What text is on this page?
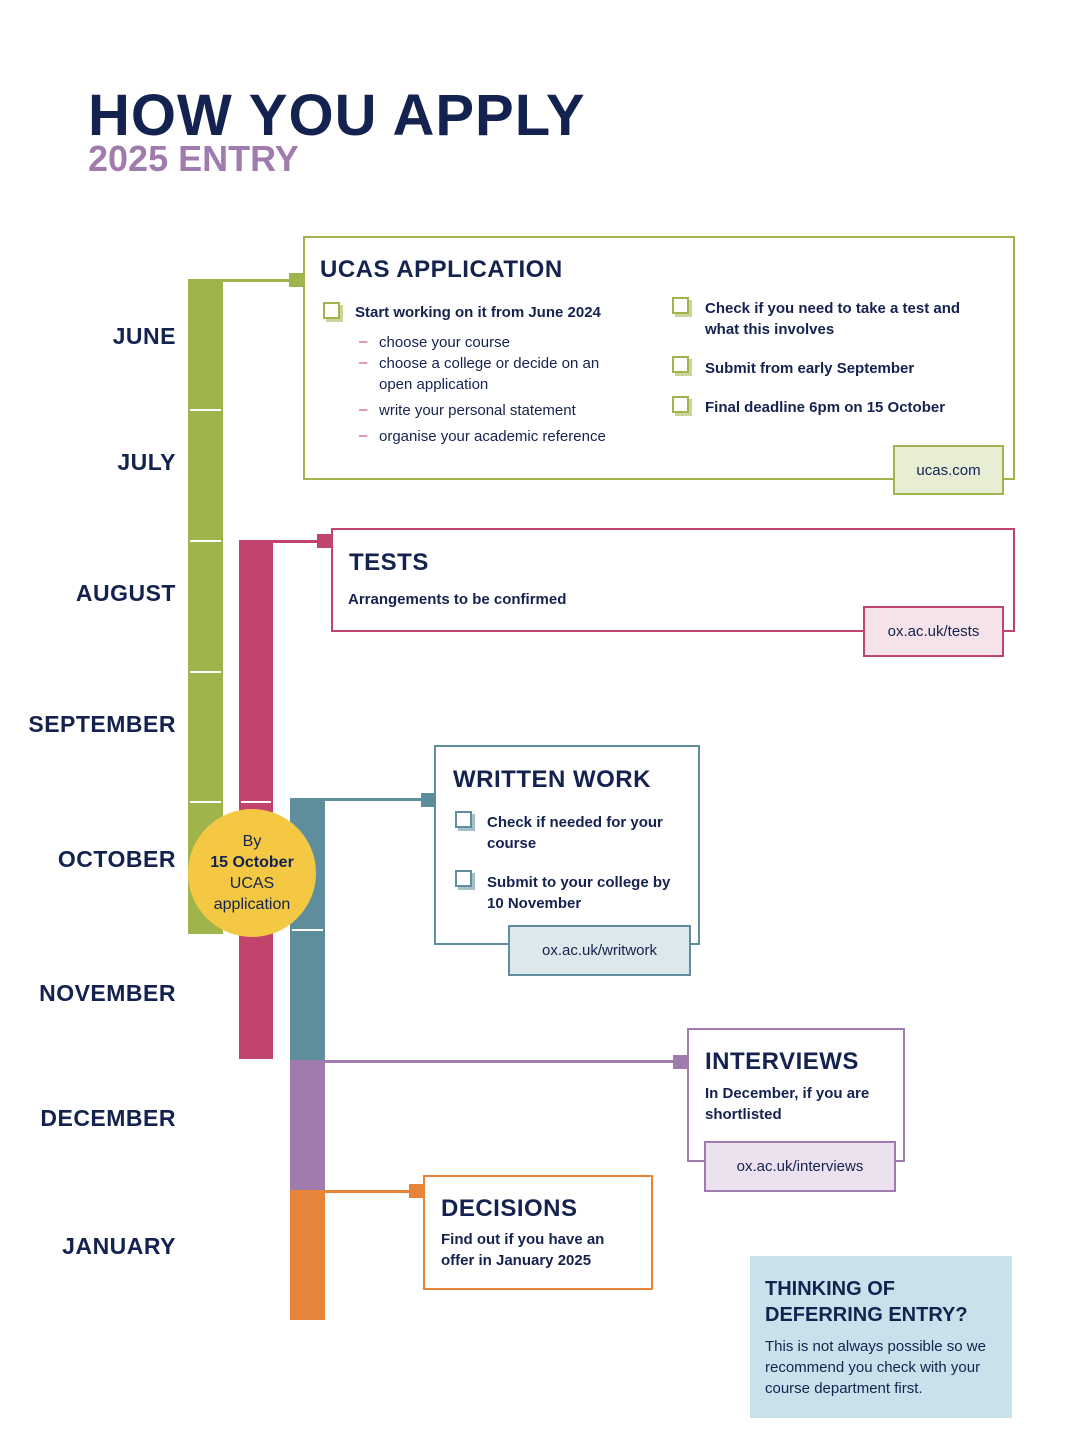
HOW YOU APPLY
2025 ENTRY
JUNE
JULY
AUGUST
SEPTEMBER
OCTOBER
NOVEMBER
DECEMBER
JANUARY
By
15 October
UCAS
application
UCAS APPLICATION
Start working on it from June 2024
– choose your course
– choose a college or decide on an open application
– write your personal statement
– organise your academic reference
Check if you need to take a test and what this involves
Submit from early September
Final deadline 6pm on 15 October
ucas.com
TESTS
Arrangements to be confirmed
ox.ac.uk/tests
WRITTEN WORK
Check if needed for your course
Submit to your college by 10 November
ox.ac.uk/writwork
INTERVIEWS
In December, if you are shortlisted
ox.ac.uk/interviews
DECISIONS
Find out if you have an offer in January 2025
THINKING OF DEFERRING ENTRY?
This is not always possible so we recommend you check with your course department first.
